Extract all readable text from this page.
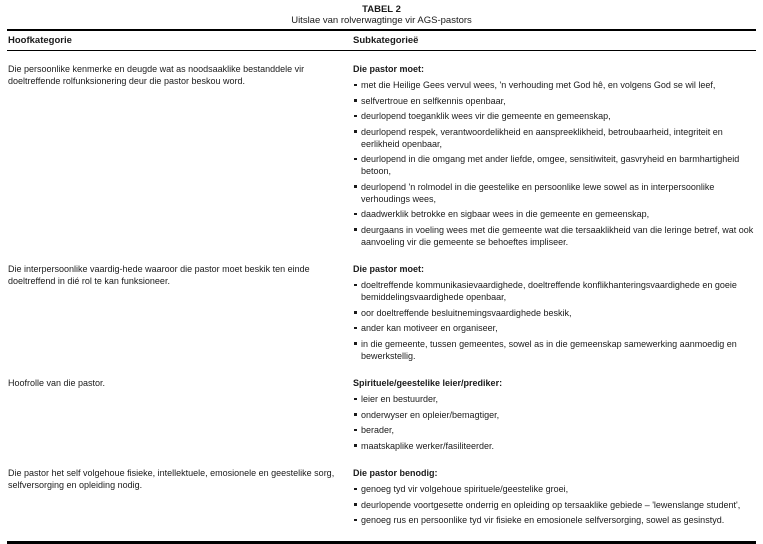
TABEL 2
Uitslae van rolverwagtinge vir AGS-pastors
Hoofkategorie	Subkategorieë
Die persoonlike kenmerke en deugde wat as noodsaaklike bestanddele vir doeltreffende rolfunksionering deur die pastor beskou word.
Die pastor moet:
met die Heilige Gees vervul wees, 'n verhouding met God hê, en volgens God se wil leef,
selfvertroue en selfkennis openbaar,
deurlopend toeganklik wees vir die gemeente en gemeenskap,
deurlopend respek, verantwoordelikheid en aanspreeklikheid, betroubaarheid, integriteit en eerlikheid openbaar,
deurlopend in die omgang met ander liefde, omgee, sensitiwiteit, gasvryheid en barmhartigheid betoon,
deurlopend 'n rolmodel in die geestelike en persoonlike lewe sowel as in interpersoonlike verhoudings wees,
daadwerklik betrokke en sigbaar wees in die gemeente en gemeenskap,
deurgaans in voeling wees met die gemeente wat die tersaaklikheid van die leringe betref, wat ook aanvoeling vir die gemeente se behoeftes impliseer.
Die interpersoonlike vaardig-hede waaroor die pastor moet beskik ten einde doeltreffend in dié rol te kan funksioneer.
Die pastor moet:
doeltreffende kommunikasievaardighede, doeltreffende konflikhanteringsvaardighede en goeie bemiddelingsvaardighede openbaar,
oor doeltreffende besluitnemingsvaardighede beskik,
ander kan motiveer en organiseer,
in die gemeente, tussen gemeentes, sowel as in die gemeenskap samewerking aanmoedig en bewerkstellig.
Hoofrolle van die pastor.	Spirituele/geestelike leier/prediker:
leier en bestuurder,
onderwyser en opleier/bemagtiger,
berader,
maatskaplike werker/fasiliteerder.
Die pastor het self volgehoue fisieke, intellektuele, emosionele en geestelike sorg, selfversorging en opleiding nodig.
Die pastor benodig:
genoeg tyd vir volgehoue spirituele/geestelike groei,
deurlopende voortgesette onderrig en opleiding op tersaaklike gebiede – 'lewenslange student',
genoeg rus en persoonlike tyd vir fisieke en emosionele selfversorging, sowel as gesinstyd.
